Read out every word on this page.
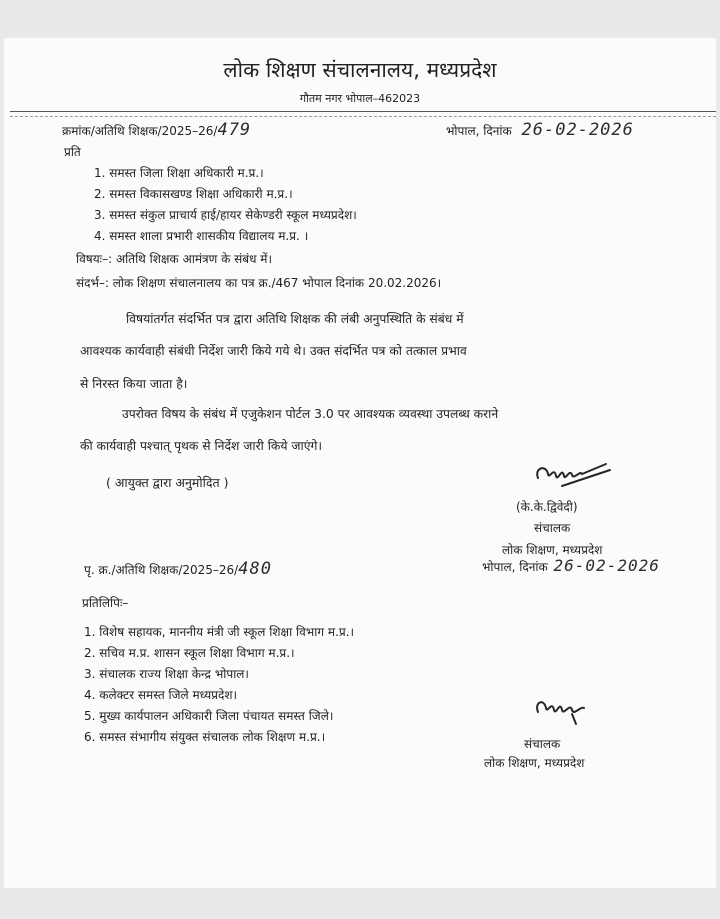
लोक शिक्षण संचालनालय, मध्यप्रदेश
गौतम नगर भोपाल–462023
क्रमांक/अतिथि शिक्षक/2025–26/479	भोपाल, दिनांक 26-02-2026
प्रति
1. समस्त जिला शिक्षा अधिकारी म.प्र.।
2. समस्त विकासखण्ड शिक्षा अधिकारी म.प्र.।
3. समस्त संकुल प्राचार्य हाई/हायर सेकेण्डरी स्कूल मध्यप्रदेश।
4. समस्त शाला प्रभारी शासकीय विद्यालय म.प्र. ।
विषयः–: अतिथि शिक्षक आमंत्रण के संबंध में।
संदर्भ–: लोक शिक्षण संचालनालय का पत्र क्र./467 भोपाल दिनांक 20.02.2026।
विषयांतर्गत संदर्भित पत्र द्वारा अतिथि शिक्षक की लंबी अनुपस्थिति के संबंध में
आवश्यक कार्यवाही संबंधी निर्देश जारी किये गये थे। उक्त संदर्भित पत्र को तत्काल प्रभाव
से निरस्त किया जाता है।
उपरोक्त विषय के संबंध में एजुकेशन पोर्टल 3.0 पर आवश्यक व्यवस्था उपलब्ध कराने
की कार्यवाही पश्चात् पृथक से निर्देश जारी किये जाएंगे।
( आयुक्त द्वारा अनुमोदित )
(के.के.द्विवेदी)
संचालक
लोक शिक्षण, मध्यप्रदेश
पृ. क्र./अतिथि शिक्षक/2025–26/480	भोपाल, दिनांक 26-02-2026
प्रतिलिपिः–
1. विशेष सहायक, माननीय मंत्री जी स्कूल शिक्षा विभाग म.प्र.।
2. सचिव म.प्र. शासन स्कूल शिक्षा विभाग म.प्र.।
3. संचालक राज्य शिक्षा केन्द्र भोपाल।
4. कलेक्टर समस्त जिले मध्यप्रदेश।
5. मुख्य कार्यपालन अधिकारी जिला पंचायत समस्त जिले।
6. समस्त संभागीय संयुक्त संचालक लोक शिक्षण म.प्र.।	संचालक
लोक शिक्षण, मध्यप्रदेश
